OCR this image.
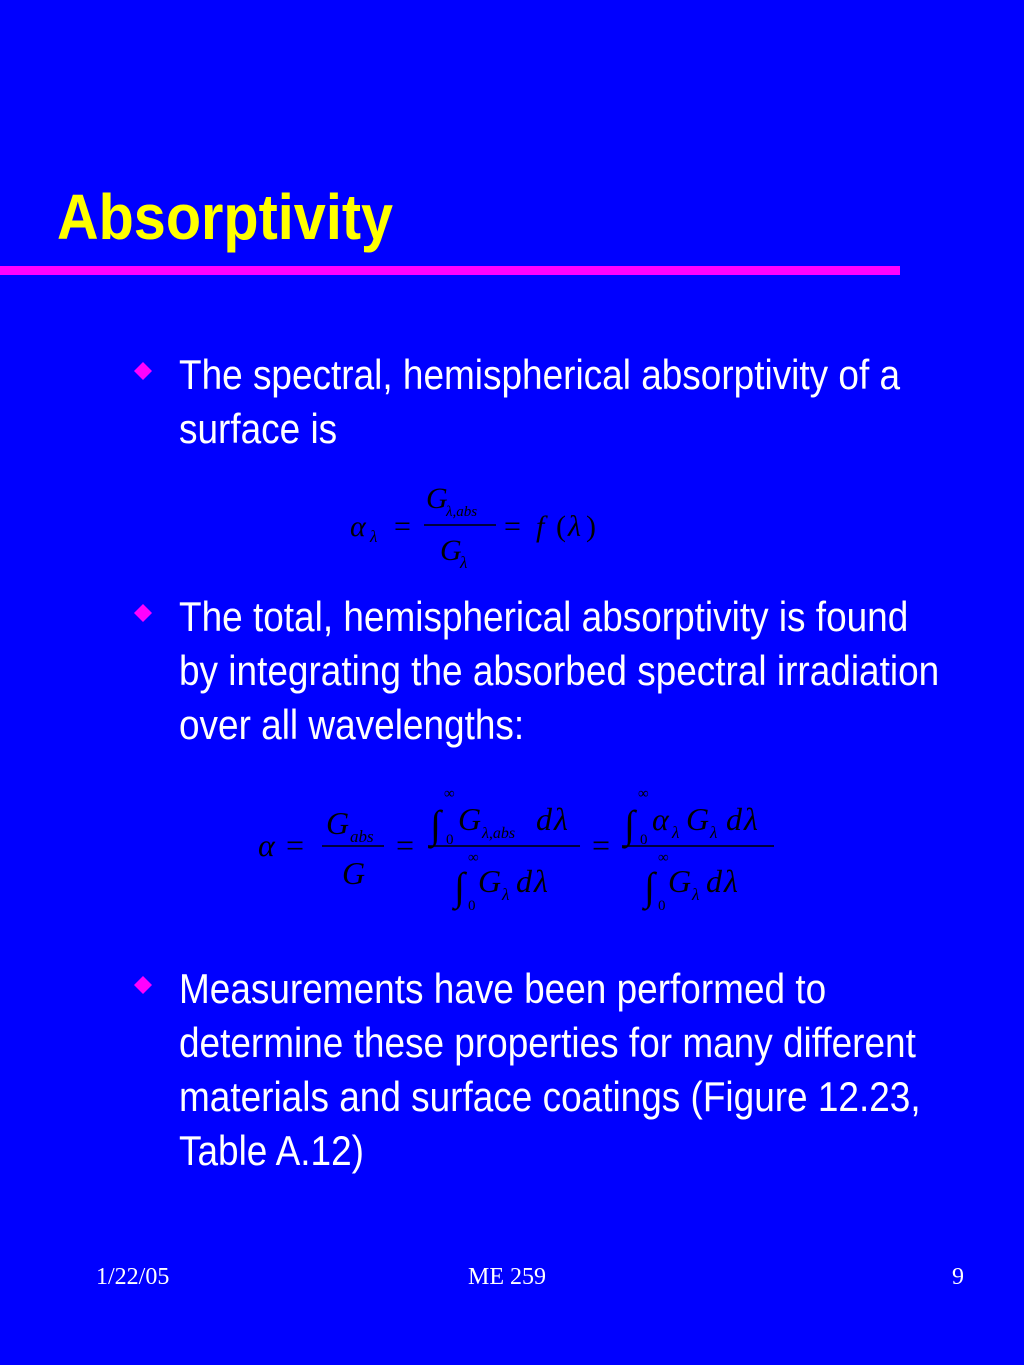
Absorptivity
The spectral, hemispherical absorptivity of a surface is
α λ =
G
λ,abs
G
λ
= f ( λ )
The total, hemispherical absorptivity is found by integrating the absorbed spectral irradiation over all wavelengths:
α =
G abs
G
= ∫ 0
∞
G λ,abs d λ
∫ 0
∞
G λ d λ
= ∫ 0
∞
α λ G λ d λ
∫ 0
∞
G λ d λ
Measurements have been performed to determine these properties for many different materials and surface coatings (Figure 12.23, Table A.12)
1/22/05	ME 259	9
